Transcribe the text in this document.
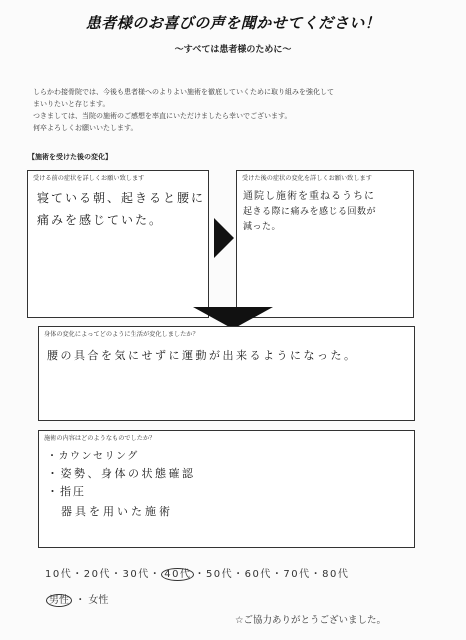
患者様のお喜びの声を聞かせてください！
～すべては患者様のために～
しらかわ接骨院では、今後も患者様へのよりよい施術を徹底していくために取り組みを強化して
まいりたいと存じます。
つきましては、当院の施術のご感想を率直にいただけましたら幸いでございます。
何卒よろしくお願いいたします。
【施術を受けた後の変化】
受ける前の症状を詳しくお願い致します
寝ている朝、起きると腰に
痛みを感じていた。
受けた後の症状の変化を詳しくお願い致します
通院し施術を重ねるうちに
起きる際に痛みを感じる回数が
減った。
身体の変化によってどのように生活が変化しましたか？
腰の具合を気にせずに運動が出来るようになった。
施術の内容はどのようなものでしたか？
・カウンセリング
・姿勢、身体の状態確認
・指圧
器具を用いた施術
10代・20代・30代・ 40代 ・50代・60代・70代・80代
男性 ・ 女性
☆ご協力ありがとうございました。
